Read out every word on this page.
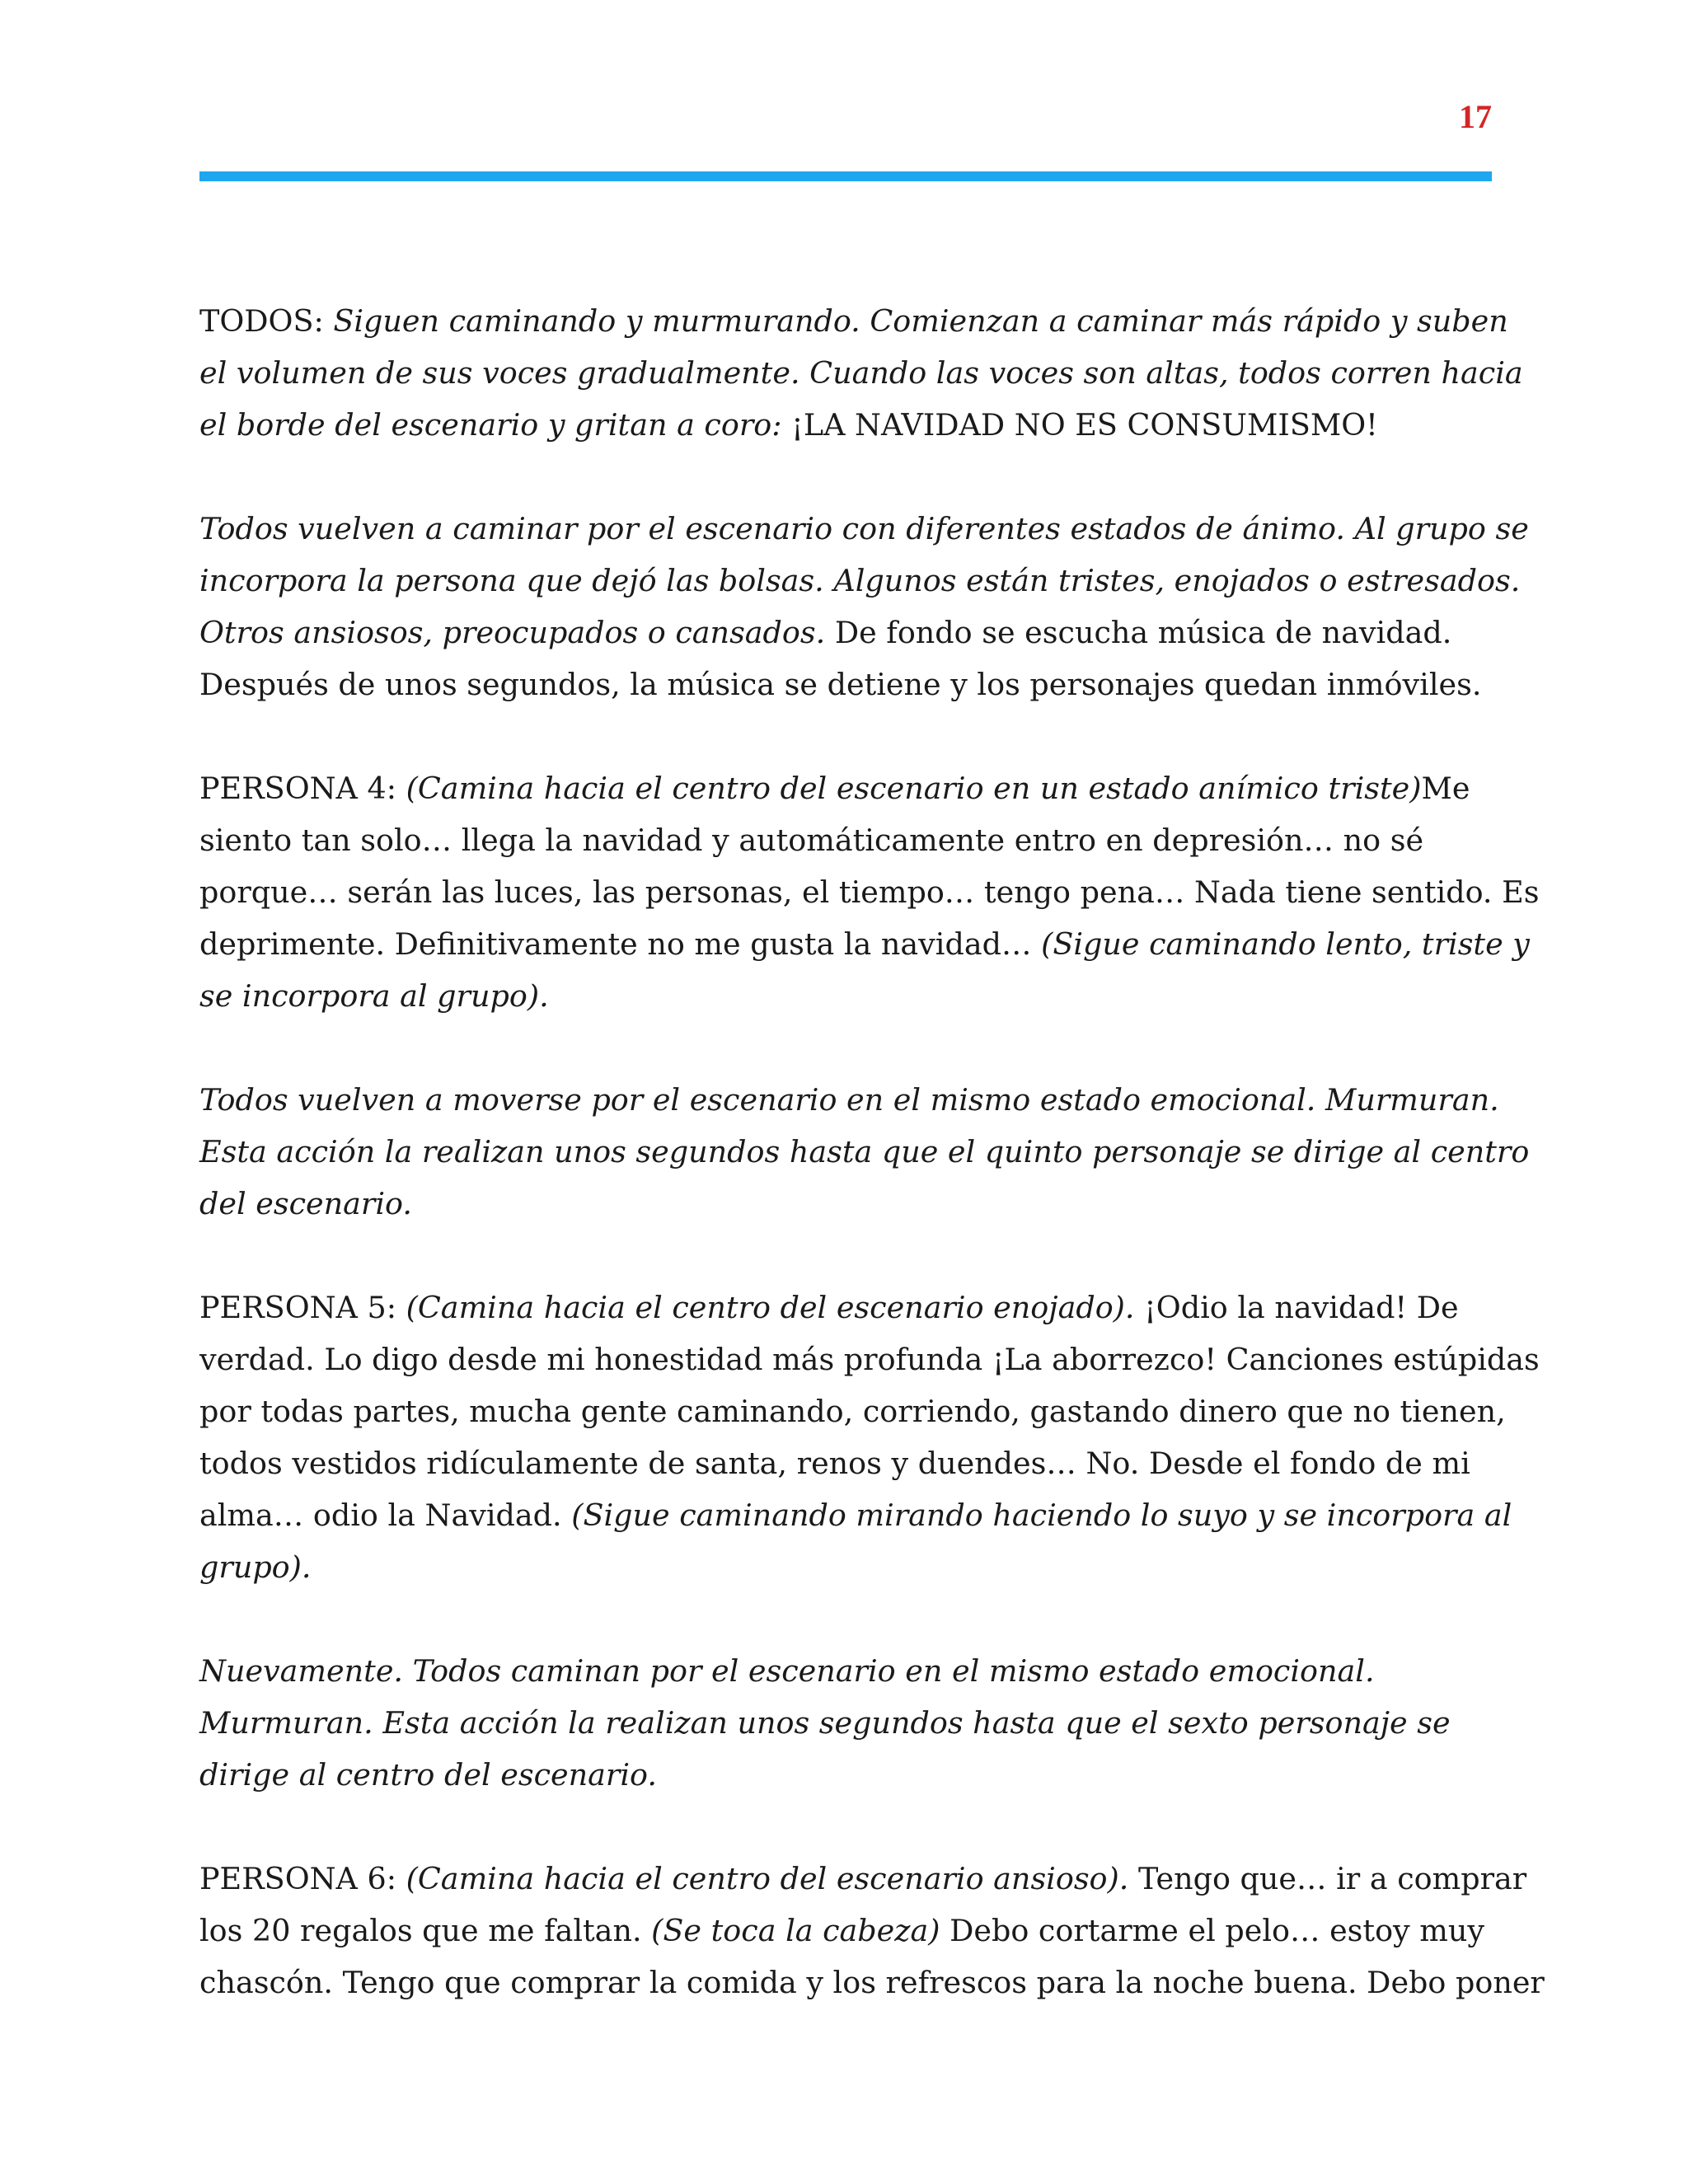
17

TODOS: Siguen caminando y murmurando. Comienzan a caminar más rápido y suben
el volumen de sus voces gradualmente. Cuando las voces son altas, todos corren hacia
el borde del escenario y gritan a coro: ¡LA NAVIDAD NO ES CONSUMISMO!

Todos vuelven a caminar por el escenario con diferentes estados de ánimo. Al grupo se
incorpora la persona que dejó las bolsas. Algunos están tristes, enojados o estresados.
Otros ansiosos, preocupados o cansados. De fondo se escucha música de navidad.
Después de unos segundos, la música se detiene y los personajes quedan inmóviles.

PERSONA 4: (Camina hacia el centro del escenario en un estado anímico triste)Me
siento tan solo… llega la navidad y automáticamente entro en depresión… no sé
porque… serán las luces, las personas, el tiempo… tengo pena… Nada tiene sentido. Es
deprimente. Definitivamente no me gusta la navidad… (Sigue caminando lento, triste y
se incorpora al grupo).

Todos vuelven a moverse por el escenario en el mismo estado emocional. Murmuran.
Esta acción la realizan unos segundos hasta que el quinto personaje se dirige al centro
del escenario.

PERSONA 5: (Camina hacia el centro del escenario enojado). ¡Odio la navidad! De
verdad. Lo digo desde mi honestidad más profunda ¡La aborrezco! Canciones estúpidas
por todas partes, mucha gente caminando, corriendo, gastando dinero que no tienen,
todos vestidos ridículamente de santa, renos y duendes… No. Desde el fondo de mi
alma… odio la Navidad. (Sigue caminando mirando haciendo lo suyo y se incorpora al
grupo).

Nuevamente. Todos caminan por el escenario en el mismo estado emocional.
Murmuran. Esta acción la realizan unos segundos hasta que el sexto personaje se
dirige al centro del escenario.

PERSONA 6: (Camina hacia el centro del escenario ansioso). Tengo que… ir a comprar
los 20 regalos que me faltan. (Se toca la cabeza) Debo cortarme el pelo… estoy muy
chascón. Tengo que comprar la comida y los refrescos para la noche buena. Debo poner
